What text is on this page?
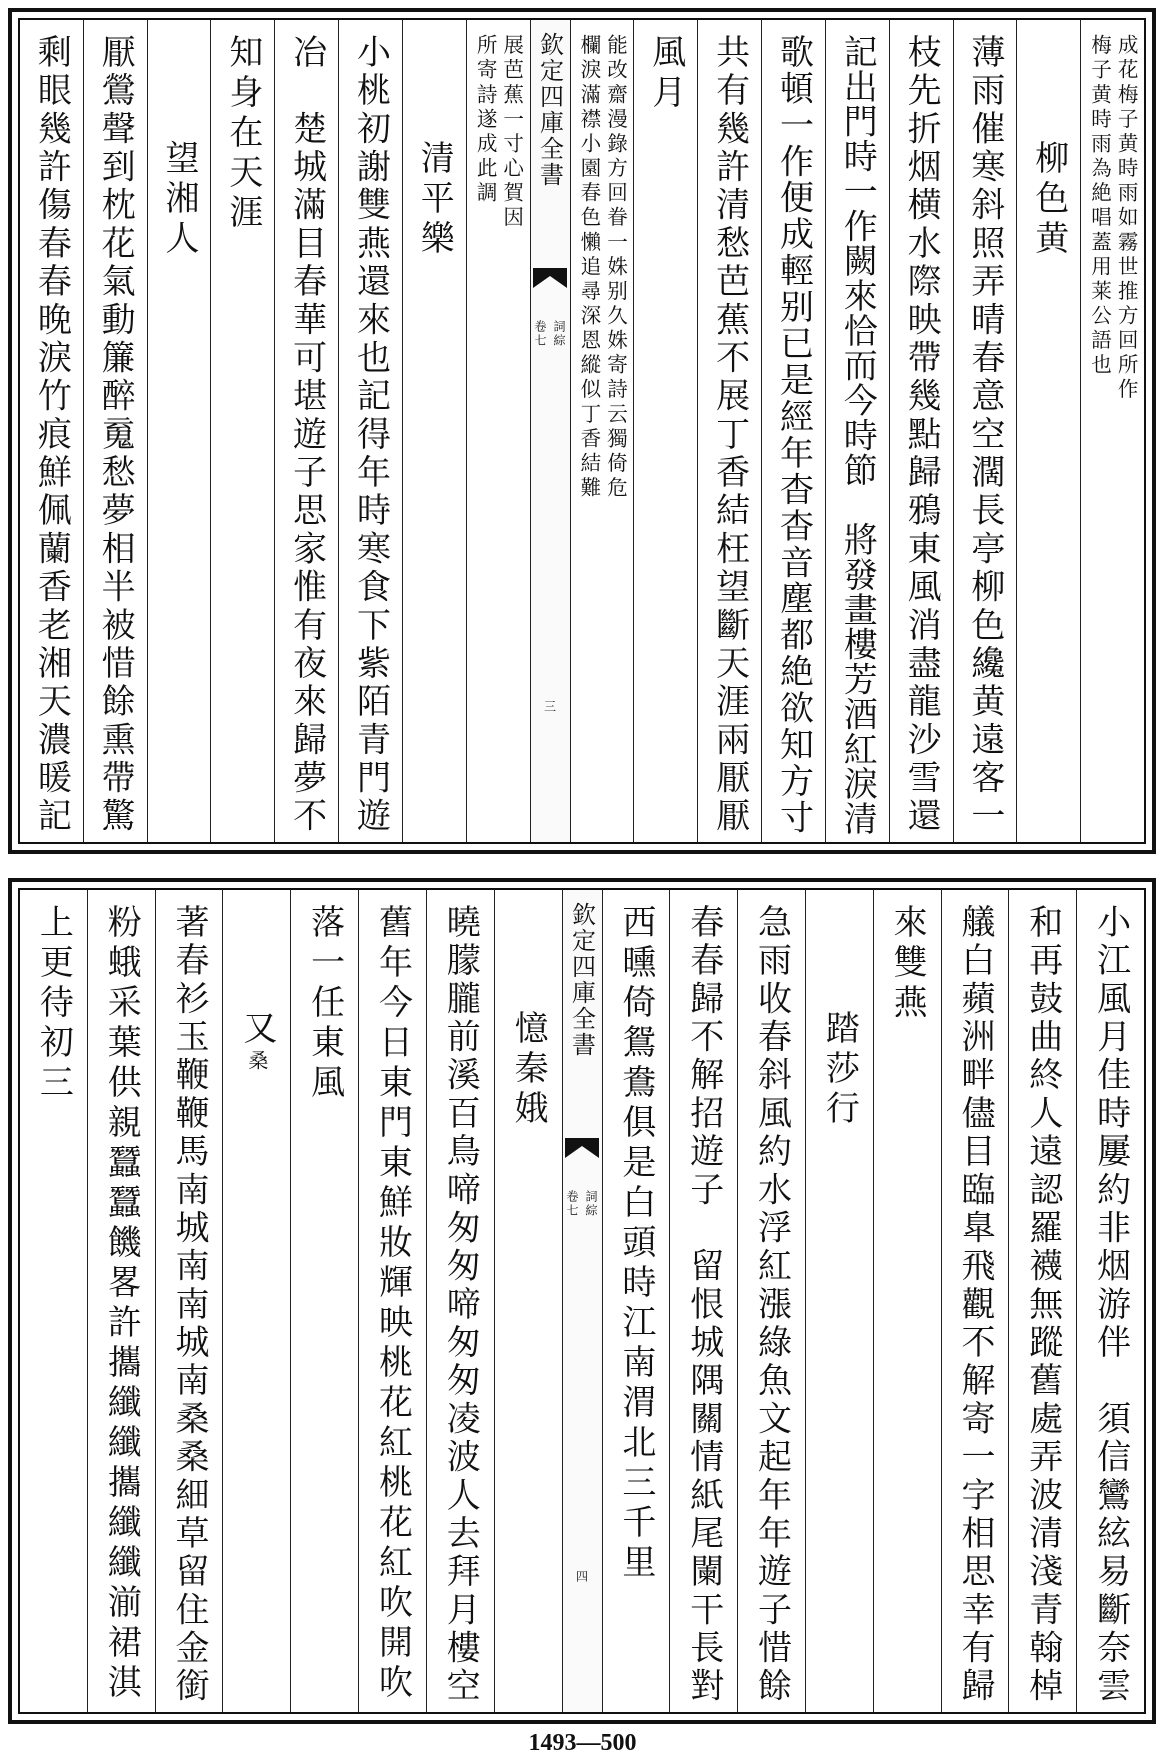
成花梅子黄時雨如霧世推方回所作
梅子黄時雨為絶唱蓋用莱公語也
柳色黄
薄雨催寒斜照弄晴春意空濶長亭柳色纔黄遠客一
枝先折烟横水際映帶幾點歸鴉東風消盡龍沙雪還
記出門時一作闕來恰而今時節　將發畫樓芳酒紅淚清
歌頓一作便成輕别已是經年杳杳音塵都絶欲知方寸
共有幾許清愁芭蕉不展丁香結枉望斷天涯兩厭厭
風月
能改齋漫錄方回眷一姝别久姝寄詩云獨倚危
欄淚滿襟小園春色懶追尋深恩縱似丁香結難
欽定四庫全書
詞綜
卷七
三
展芭蕉一寸心賀因
所寄詩遂成此調
清平樂
小桃初謝雙燕還來也記得年時寒食下紫陌青門遊
冶　楚城滿目春華可堪遊子思家惟有夜來歸夢不
知身在天涯
望湘人
厭鶯聲到枕花氣動簾醉䰟愁夢相半被惜餘熏帶驚
剩眼幾許傷春春晚淚竹痕鮮佩蘭香老湘天濃暖記
小江風月佳時屢約非烟游伴　須信鸞絃易斷奈雲
和再鼓曲終人遠認羅襪無蹤舊處弄波清淺青翰棹
艤白蘋洲畔儘目臨臯飛觀不解寄一字相思幸有歸
來雙燕
踏莎行
急雨收春斜風約水浮紅漲綠魚文起年年遊子惜餘
春春歸不解招遊子　留恨城隅關情紙尾闌干長對
西曛倚鴛鴦俱是白頭時江南渭北三千里
欽定四庫全書
詞綜
卷七
四
憶秦娥
曉朦朧前溪百鳥啼匆匆啼匆匆凌波人去拜月樓空
舊年今日東門東鮮妝輝映桃花紅桃花紅吹開吹
落一任東風
又桑
著春衫玉鞭鞭馬南城南南城南桑桑細草留住金銜
粉蛾采葉供親蠶蠶饑畧許攜纖纖攜纖纖湔裙淇
上更待初三
1493—500
